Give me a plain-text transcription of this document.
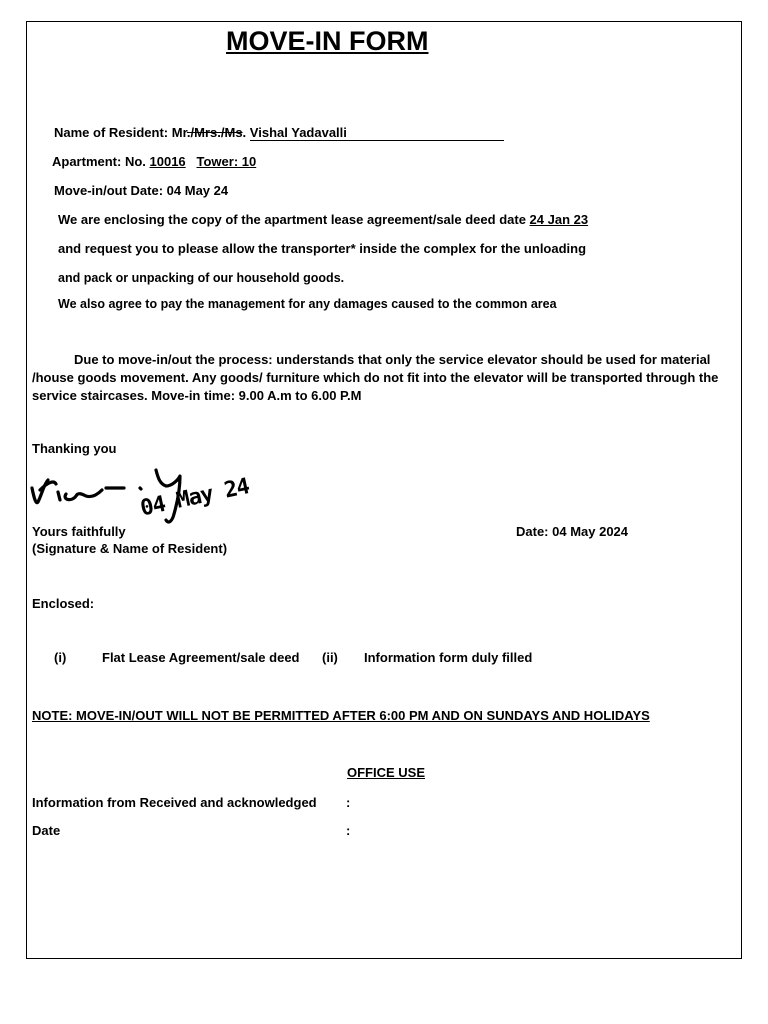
MOVE-IN FORM
Name of Resident: Mr./Mrs./Ms. Vishal Yadavalli
Apartment: No. 10016 Tower: 10
Move-in/out Date: 04 May 24
We are enclosing the copy of the apartment lease agreement/sale deed date 24 Jan 23
and request you to please allow the transporter* inside the complex for the unloading
and pack or unpacking of our household goods.
We also agree to pay the management for any damages caused to the common area
Due to move-in/out the process: understands that only the service elevator should be used for material /house goods movement. Any goods/ furniture which do not fit into the elevator will be transported through the service staircases. Move-in time: 9.00 A.m to 6.00 P.M
Thanking you
04 May 24
Yours faithfully
(Signature & Name of Resident)
Date: 04 May 2024
Enclosed:
(i)	Flat Lease Agreement/sale deed (ii) Information form duly filled
NOTE: MOVE-IN/OUT WILL NOT BE PERMITTED AFTER 6:00 PM AND ON SUNDAYS AND HOLIDAYS
OFFICE USE
Information from Received and acknowledged :
Date	:
